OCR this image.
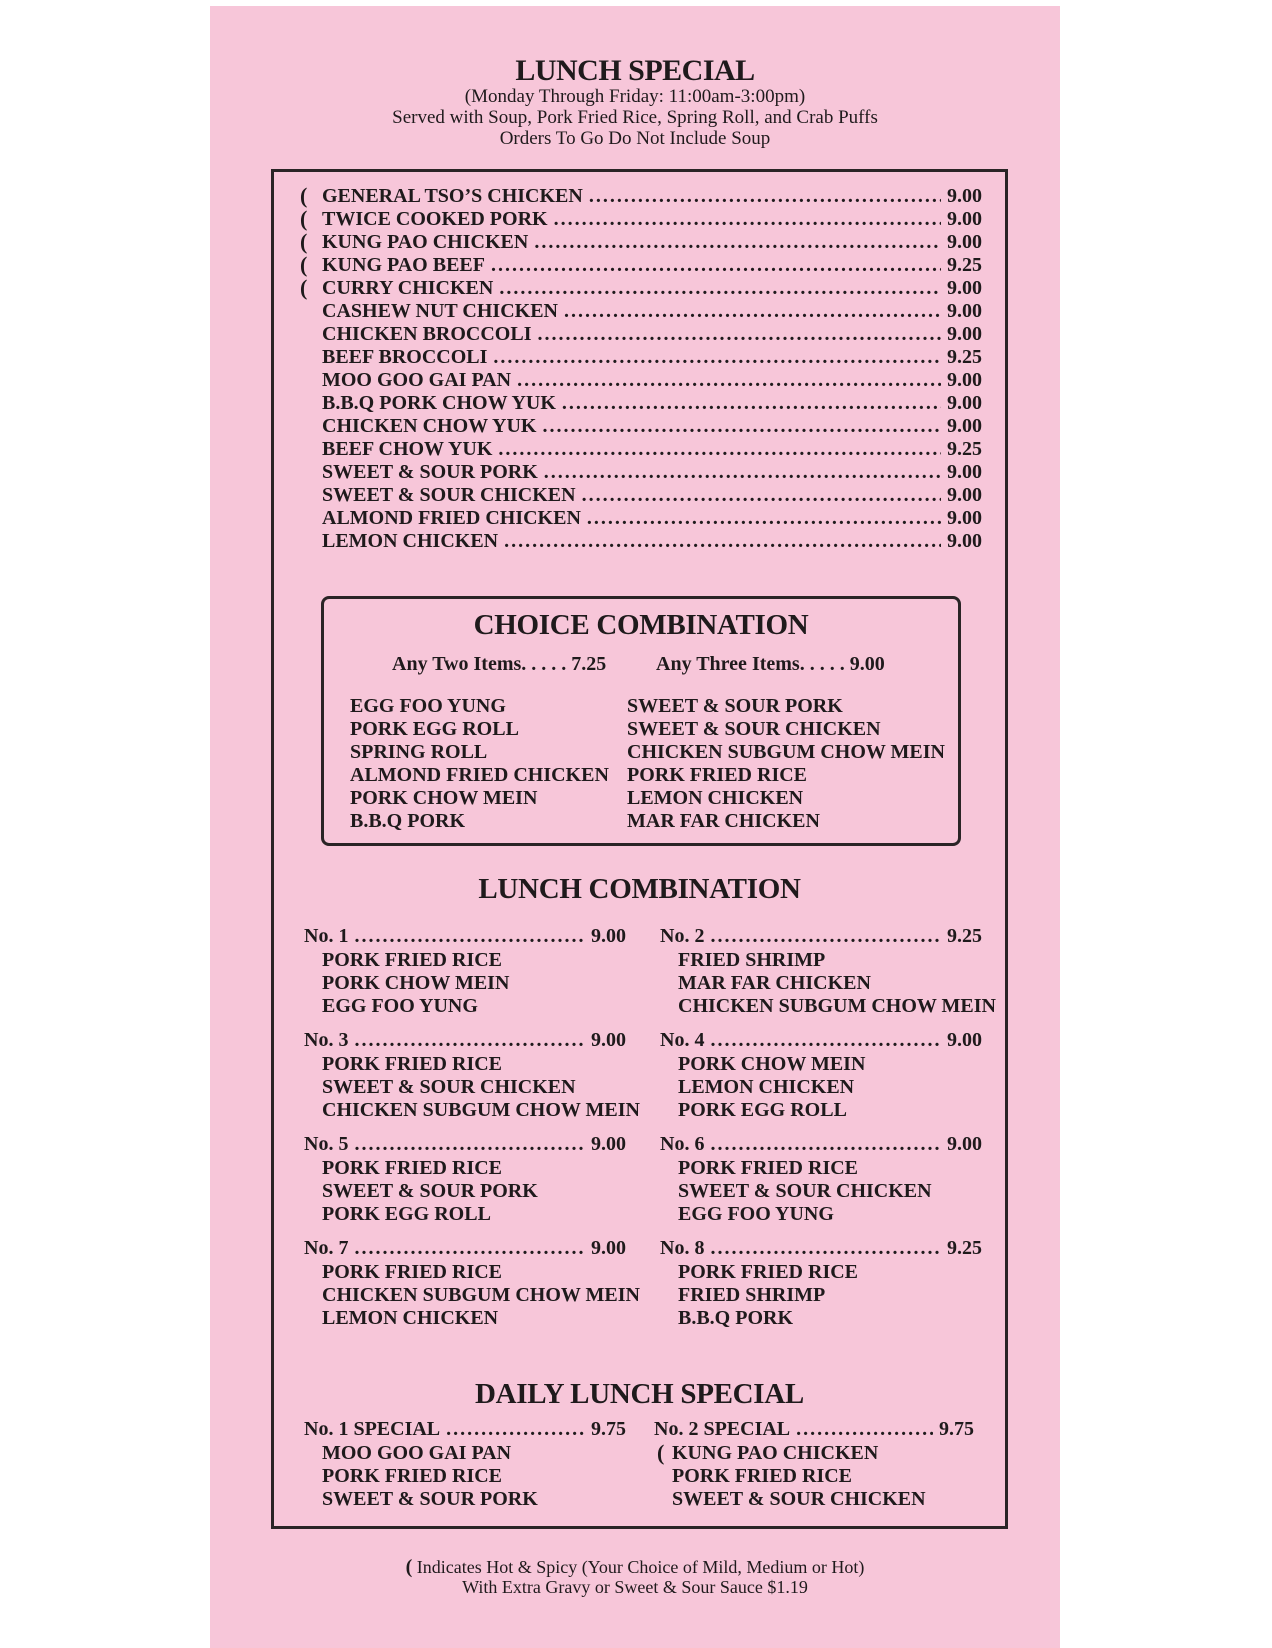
LUNCH SPECIAL
(Monday Through Friday: 11:00am-3:00pm)
Served with Soup, Pork Fried Rice, Spring Roll, and Crab Puffs
Orders To Go Do Not Include Soup
( GENERAL TSO’S CHICKEN .....	9.00
( TWICE COOKED PORK .....	9.00
( KUNG PAO CHICKEN .....	9.00
( KUNG PAO BEEF .....	9.25
( CURRY CHICKEN .....	9.00
CASHEW NUT CHICKEN .....	9.00
CHICKEN BROCCOLI .....	9.00
BEEF BROCCOLI .....	9.25
MOO GOO GAI PAN .....	9.00
B.B.Q PORK CHOW YUK .....	9.00
CHICKEN CHOW YUK .....	9.00
BEEF CHOW YUK .....	9.25
SWEET & SOUR PORK .....	9.00
SWEET & SOUR CHICKEN .....	9.00
ALMOND FRIED CHICKEN .....	9.00
LEMON CHICKEN .....	9.00
CHOICE COMBINATION
Any Two Items. . . . . 7.25 Any Three Items. . . . . 9.00
EGG FOO YUNG
PORK EGG ROLL
SPRING ROLL
ALMOND FRIED CHICKEN
PORK CHOW MEIN
B.B.Q PORK
SWEET & SOUR PORK
SWEET & SOUR CHICKEN
CHICKEN SUBGUM CHOW MEIN
PORK FRIED RICE
LEMON CHICKEN
MAR FAR CHICKEN
LUNCH COMBINATION
No. 1 .....	9.00
PORK FRIED RICE
PORK CHOW MEIN
EGG FOO YUNG
No. 2 .....	9.25
FRIED SHRIMP
MAR FAR CHICKEN
CHICKEN SUBGUM CHOW MEIN
No. 3 .....	9.00
PORK FRIED RICE
SWEET & SOUR CHICKEN
CHICKEN SUBGUM CHOW MEIN
No. 4 .....	9.00
PORK CHOW MEIN
LEMON CHICKEN
PORK EGG ROLL
No. 5 .....	9.00
PORK FRIED RICE
SWEET & SOUR PORK
PORK EGG ROLL
No. 6 .....	9.00
PORK FRIED RICE
SWEET & SOUR CHICKEN
EGG FOO YUNG
No. 7 .....	9.00
PORK FRIED RICE
CHICKEN SUBGUM CHOW MEIN
LEMON CHICKEN
No. 8 .....	9.25
PORK FRIED RICE
FRIED SHRIMP
B.B.Q PORK
DAILY LUNCH SPECIAL
No. 1 SPECIAL .....	9.75
MOO GOO GAI PAN
PORK FRIED RICE
SWEET & SOUR PORK
No. 2 SPECIAL .....	9.75
( KUNG PAO CHICKEN
PORK FRIED RICE
SWEET & SOUR CHICKEN
( Indicates Hot & Spicy (Your Choice of Mild, Medium or Hot)
With Extra Gravy or Sweet & Sour Sauce $1.19
